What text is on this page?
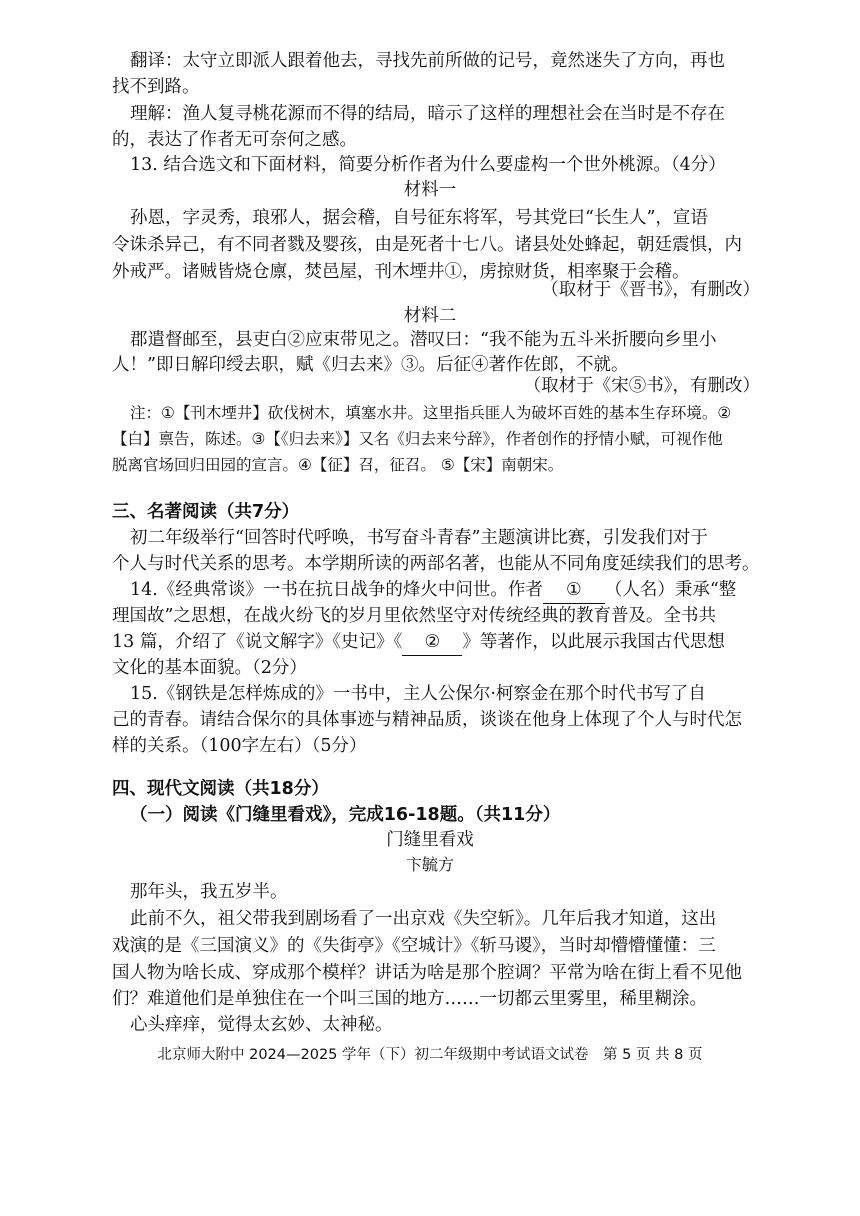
翻译：太守立即派人跟着他去，寻找先前所做的记号，竟然迷失了方向，再也
找不到路。
理解：渔人复寻桃花源而不得的结局，暗示了这样的理想社会在当时是不存在
的，表达了作者无可奈何之感。
13. 结合选文和下面材料，简要分析作者为什么要虚构一个世外桃源。（4分）
材料一
孙恩，字灵秀，琅邪人，据会稽，自号征东将军，号其党曰“长生人”，宣语
令诛杀异己，有不同者戮及婴孩，由是死者十七八。诸县处处蜂起，朝廷震惧，内
外戒严。诸贼皆烧仓廪，焚邑屋，刊木堙井①，虏掠财货，相率聚于会稽。
（取材于《晋书》，有删改）
材料二
郡遣督邮至，县吏白②应束带见之。潜叹曰：“我不能为五斗米折腰向乡里小
人！”即日解印绶去职，赋《归去来》③。后征④著作佐郎，不就。
（取材于《宋⑤书》，有删改）
注：①【刊木堙井】砍伐树木，填塞水井。这里指兵匪人为破坏百姓的基本生存环境。②
【白】禀告，陈述。③【《归去来》】又名《归去来兮辞》，作者创作的抒情小赋，可视作他
脱离官场回归田园的宣言。④【征】召，征召。 ⑤【宋】南朝宋。
三、名著阅读（共7分）
初二年级举行“回答时代呼唤，书写奋斗青春”主题演讲比赛，引发我们对于
个人与时代关系的思考。本学期所读的两部名著，也能从不同角度延续我们的思考。
14.《经典常谈》一书在抗日战争的烽火中问世。作者 ① （人名）秉承“整
理国故”之思想，在战火纷飞的岁月里依然坚守对传统经典的教育普及。全书共
13 篇，介绍了《说文解字》《史记》《 ② 》等著作，以此展示我国古代思想
文化的基本面貌。（2分）
15.《钢铁是怎样炼成的》一书中，主人公保尔·柯察金在那个时代书写了自
己的青春。请结合保尔的具体事迹与精神品质，谈谈在他身上体现了个人与时代怎
样的关系。（100字左右）（5分）
四、现代文阅读（共18分）
（一）阅读《门缝里看戏》，完成16-18题。（共11分）
门缝里看戏
卞毓方
那年头，我五岁半。
此前不久，祖父带我到剧场看了一出京戏《失空斩》。几年后我才知道，这出
戏演的是《三国演义》的《失街亭》《空城计》《斩马谡》，当时却懵懵懂懂：三
国人物为啥长成、穿成那个模样？讲话为啥是那个腔调？平常为啥在街上看不见他
们？难道他们是单独住在一个叫三国的地方……一切都云里雾里，稀里糊涂。
心头痒痒，觉得太玄妙、太神秘。
北京师大附中 2024—2025 学年（下）初二年级期中考试语文试卷　第 5 页 共 8 页
